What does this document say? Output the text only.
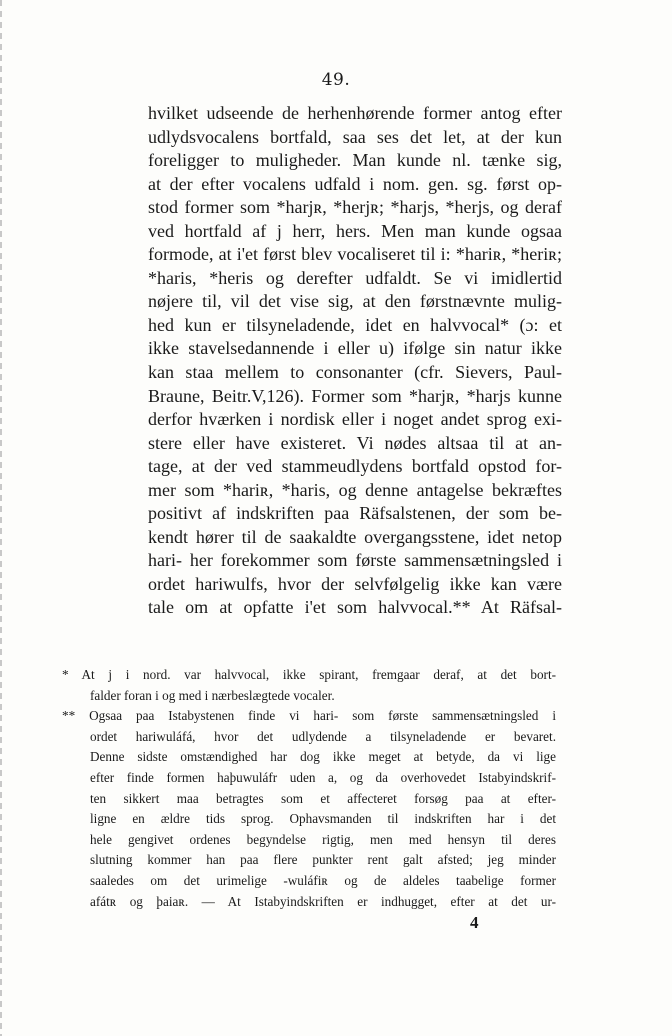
49.
hvilket udseende de herhenhørende former antog efter
udlydsvocalens bortfald, saa ses det let, at der kun
foreligger to muligheder. Man kunde nl. tænke sig,
at der efter vocalens udfald i nom. gen. sg. først op-
stod former som *harjʀ, *herjʀ; *harjs, *herjs, og deraf
ved hortfald af j herr, hers. Men man kunde ogsaa
formode, at i'et først blev vocaliseret til i: *hariʀ, *heriʀ;
*haris, *heris og derefter udfaldt. Se vi imidlertid
nøjere til, vil det vise sig, at den førstnævnte mulig-
hed kun er tilsyneladende, idet en halvvocal* (ɔ: et
ikke stavelsedannende i eller u) ifølge sin natur ikke
kan staa mellem to consonanter (cfr. Sievers, Paul-
Braune, Beitr.V,126). Former som *harjʀ, *harjs kunne
derfor hværken i nordisk eller i noget andet sprog exi-
stere eller have existeret. Vi nødes altsaa til at an-
tage, at der ved stammeudlydens bortfald opstod for-
mer som *hariʀ, *haris, og denne antagelse bekræftes
positivt af indskriften paa Räfsalstenen, der som be-
kendt hører til de saakaldte overgangsstene, idet netop
hari- her forekommer som første sammensætningsled i
ordet hariwulfs, hvor der selvfølgelig ikke kan være
tale om at opfatte i'et som halvvocal.** At Räfsal-
* At j i nord. var halvvocal, ikke spirant, fremgaar deraf, at det bort-
falder foran i og med i nærbeslægtede vocaler.
** Ogsaa paa Istabystenen finde vi hari- som første sammensætningsled i
ordet hariwuláfá, hvor det udlydende a tilsyneladende er bevaret.
Denne sidste omstændighed har dog ikke meget at betyde, da vi lige
efter finde formen haþuwuláfr uden a, og da overhovedet Istabyindskrif-
ten sikkert maa betragtes som et affecteret forsøg paa at efter-
ligne en ældre tids sprog. Ophavsmanden til indskriften har i det
hele gengivet ordenes begyndelse rigtig, men med hensyn til deres
slutning kommer han paa flere punkter rent galt afsted; jeg minder
saaledes om det urimelige -wuláfiʀ og de aldeles taabelige former
afátʀ og þaiaʀ. — At Istabyindskriften er indhugget, efter at det ur-
4
